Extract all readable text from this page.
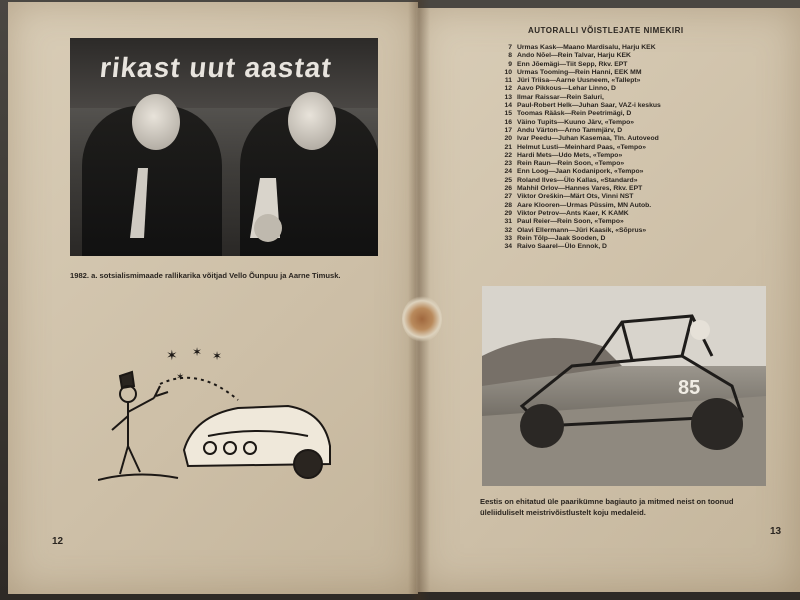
rikast uut aastat
1982. a. sotsialismimaade rallikarika võitjad Vello Õunpuu ja Aarne Timusk.
✶ ✶ ✶
✶
12
AUTORALLI VÕISTLEJATE NIMEKIRI
7 Urmas Kask—Maano Mardisalu, Harju KEK
8 Ando Nõel—Rein Talvar, Harju KEK
9 Enn Jõemägi—Tiit Sepp, Rkv. EPT
10 Urmas Tooming—Rein Hanni, EEK MM
11 Jüri Triisa—Aarne Uusneem, «Tallept»
12 Aavo Pikkous—Lehar Linno, D
13 Ilmar Raissar—Rein Saluri,
14 Paul-Robert Helk—Juhan Saar, VAZ-i keskus
15 Toomas Rääsk—Rein Peetrimägi, D
16 Väino Tupits—Kuuno Järv, «Tempo»
17 Andu Värton—Arno Tammjärv, D
20 Ivar Peedu—Juhan Kasemaa, Tln. Autoveod
21 Helmut Lusti—Meinhard Paas, «Tempo»
22 Hardi Mets—Udo Mets, «Tempo»
23 Rein Raun—Rein Soon, «Tempo»
24 Enn Loog—Jaan Kodanipork, «Tempo»
25 Roland Ilves—Ülo Kallas, «Standard»
26 Mahhil Orlov—Hannes Vares, Rkv. EPT
27 Viktor Oreškin—Märt Ots, Vinni NST
28 Aare Klooren—Urmas Püssim, MN Autob.
29 Viktor Petrov—Ants Kaer, K KAMK
31 Paul Reier—Rein Soon, «Tempo»
32 Olavi Ellermann—Jüri Kaasik, «Sõprus»
33 Rein Tõlp—Jaak Sooden, D
34 Raivo Saarel—Ülo Ennok, D
85
Eestis on ehitatud üle paarikümne bagiauto ja mitmed neist on toonud üleliiduliselt meistrivõistlustelt koju medaleid.
13
